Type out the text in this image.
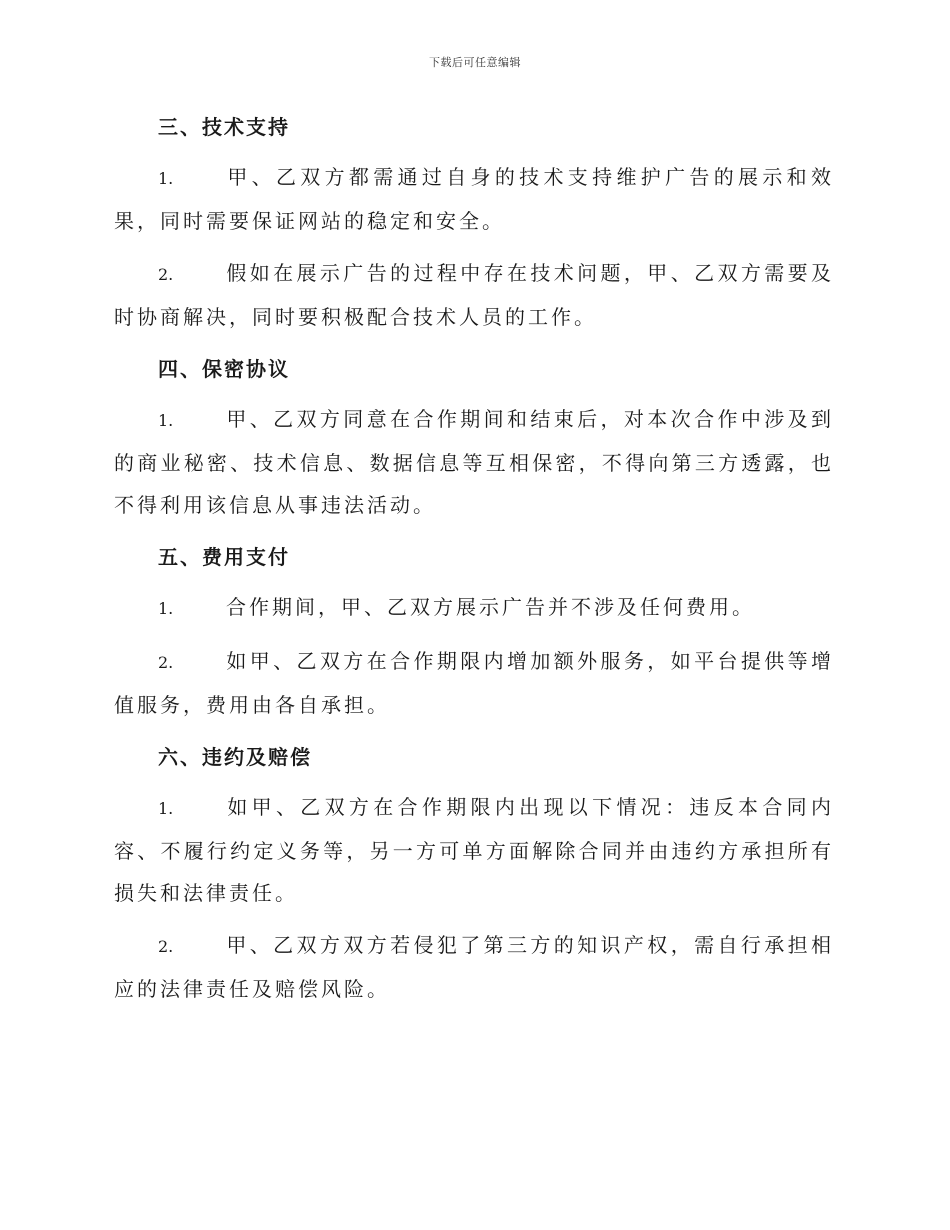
下载后可任意编辑
三、技术支持

1.	甲、乙双方都需通过自身的技术支持维护广告的展示和效果，同时需要保证网站的稳定和安全。

2.	假如在展示广告的过程中存在技术问题，甲、乙双方需要及时协商解决，同时要积极配合技术人员的工作。

四、保密协议

1.	甲、乙双方同意在合作期间和结束后，对本次合作中涉及到的商业秘密、技术信息、数据信息等互相保密，不得向第三方透露，也不得利用该信息从事违法活动。

五、费用支付

1.	合作期间，甲、乙双方展示广告并不涉及任何费用。

2.	如甲、乙双方在合作期限内增加额外服务，如平台提供等增值服务，费用由各自承担。

六、违约及赔偿

1.	如甲、乙双方在合作期限内出现以下情况：违反本合同内容、不履行约定义务等，另一方可单方面解除合同并由违约方承担所有损失和法律责任。

2.	甲、乙双方双方若侵犯了第三方的知识产权，需自行承担相应的法律责任及赔偿风险。
